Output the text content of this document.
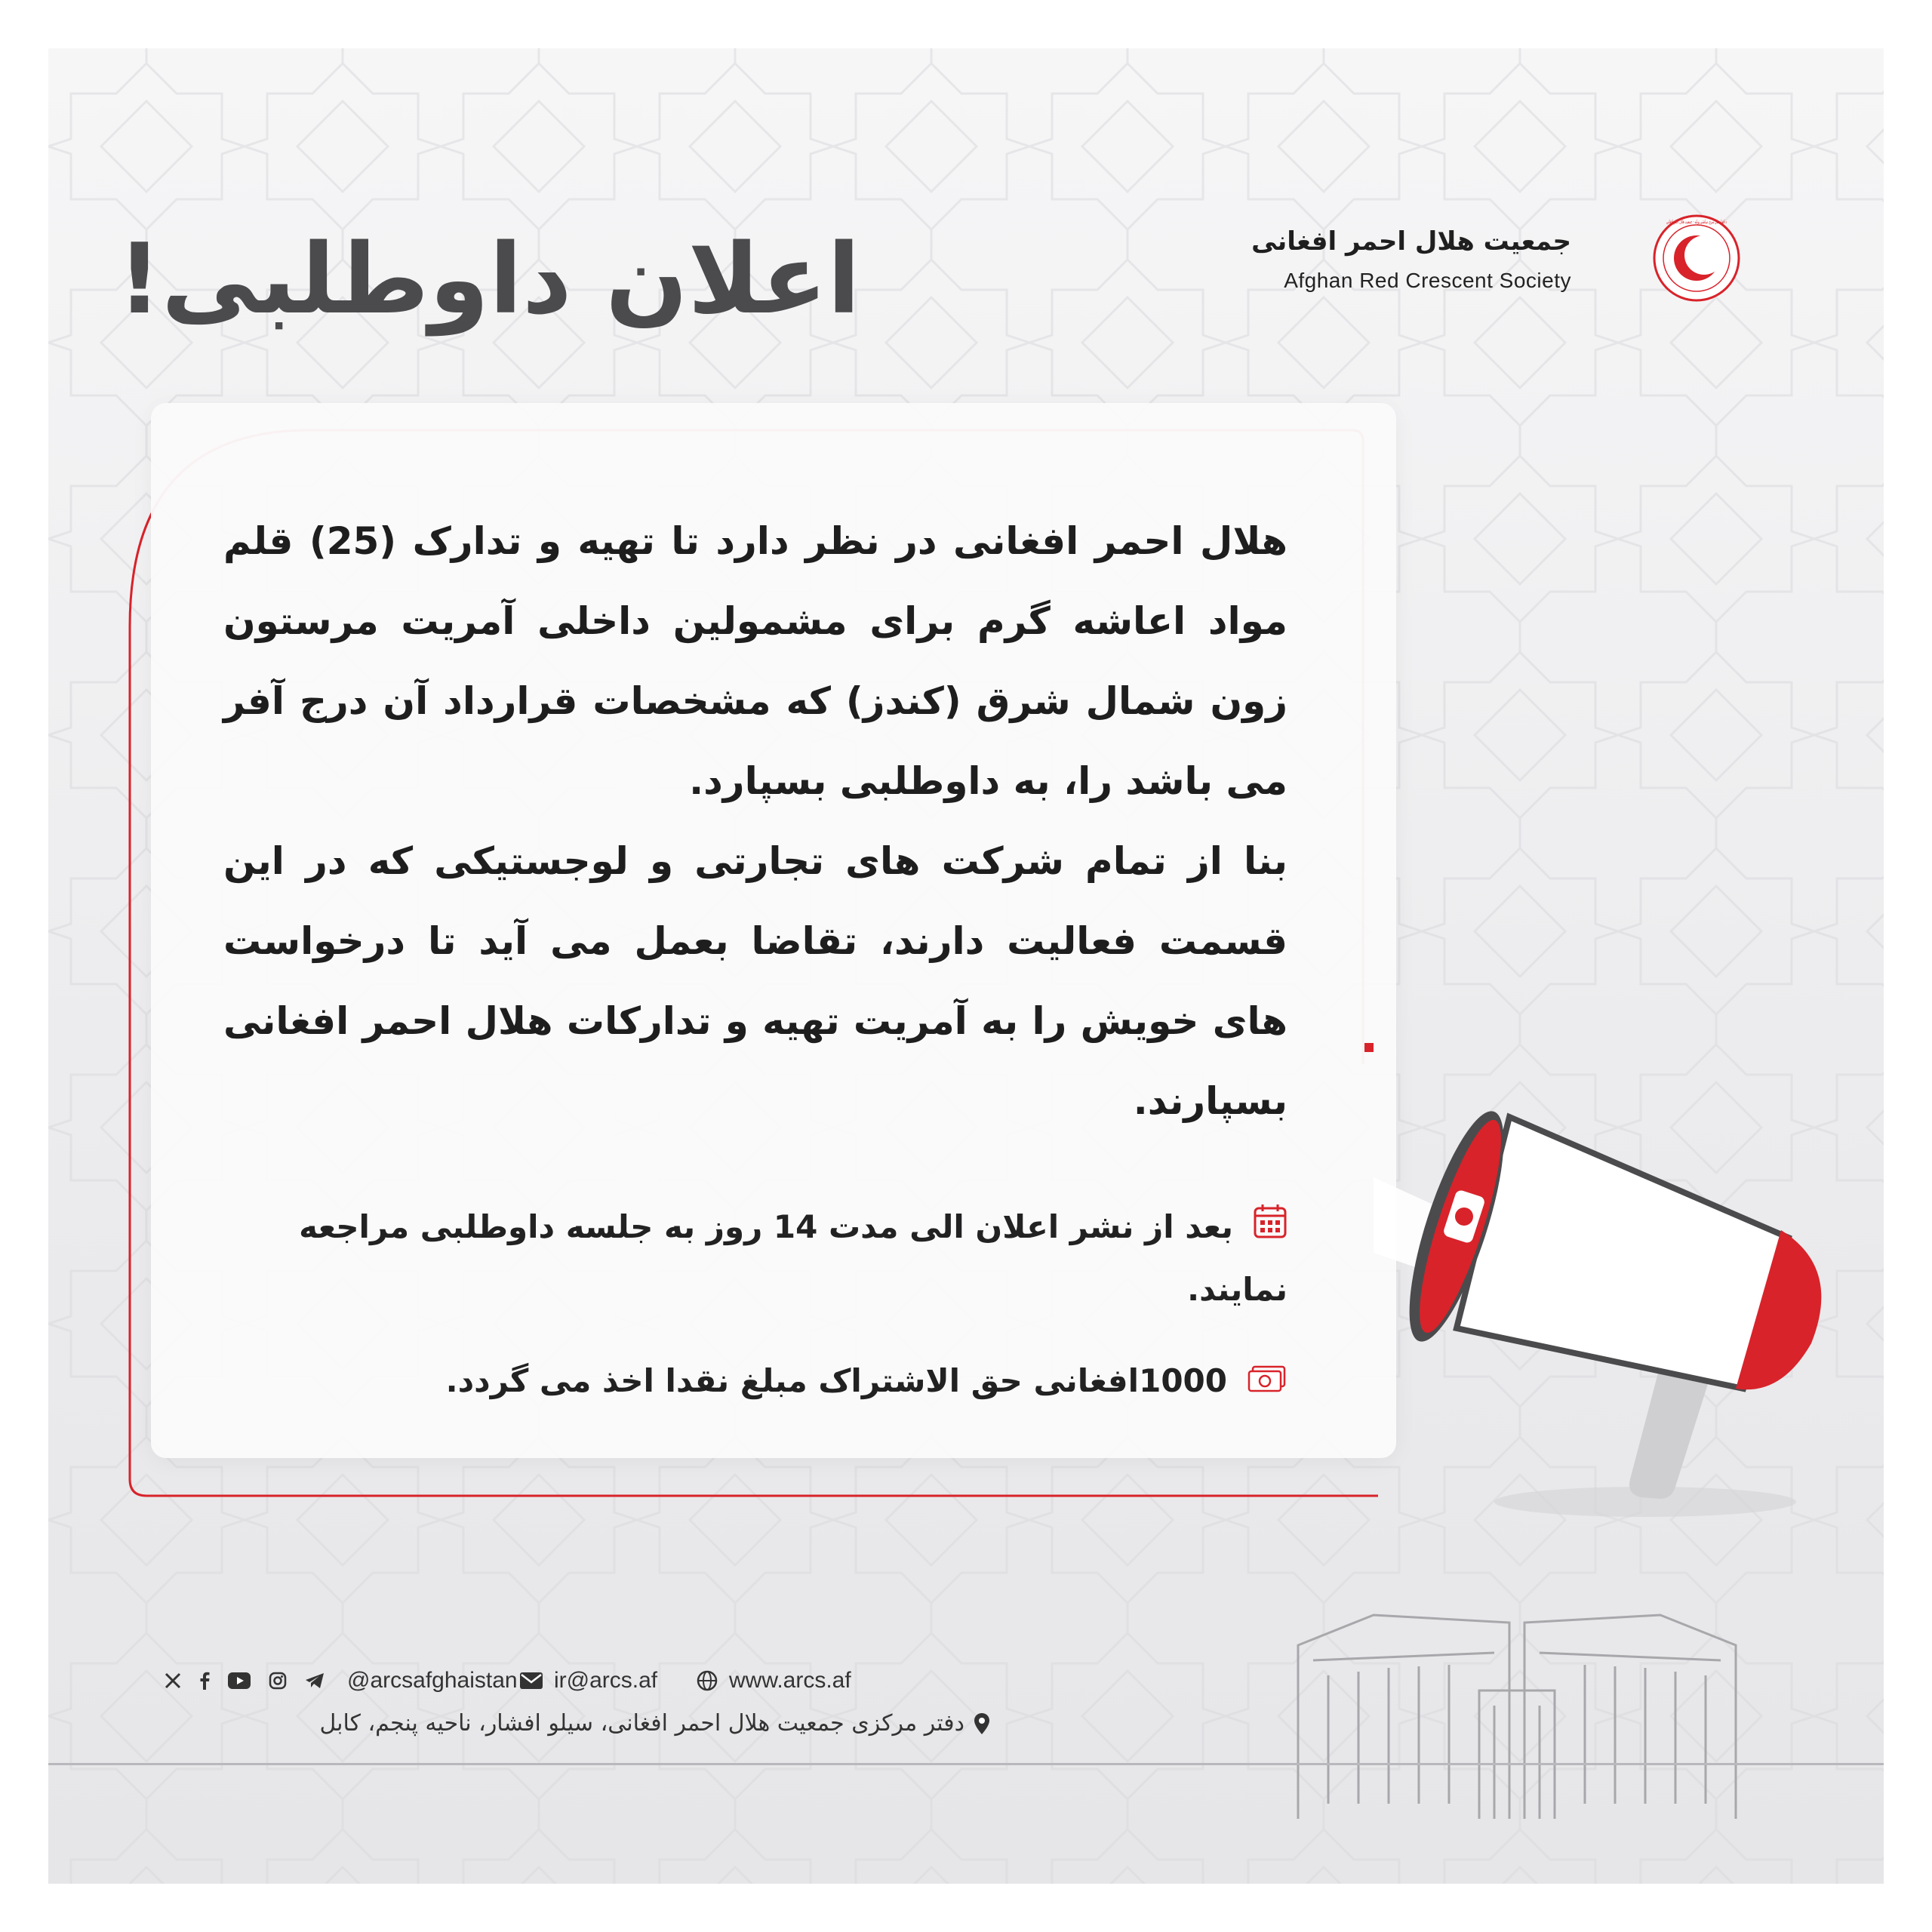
اعلان داوطلبی!	جمعیت هلال احمر افغانی
Afghan Red Crescent Society
د افغانستان سري میاشتې ټولنه - جمعیت هلال احمر افغانی

هلال احمر افغانی در نظر دارد تا تهیه و تدارک (25) قلم مواد اعاشه گرم برای مشمولین داخلی آمریت مرستون زون شمال شرق (کندز) که مشخصات قرارداد آن درج آفر می باشد را، به داوطلبی بسپارد.

بنا از تمام شرکت های تجارتی و لوجستیکی که در این قسمت فعالیت دارند، تقاضا بعمل می آید تا درخواست های خویش را به آمریت تهیه و تدارکات هلال احمر افغانی بسپارند.

بعد از نشر اعلان الی مدت 14 روز به جلسه داوطلبی مراجعه نمایند.
1000افغانی حق الاشتراک مبلغ نقدا اخذ می گردد.
www.arcs.af
ir@arcs.af
@arcsafghaistan
دفتر مرکزی جمعیت هلال احمر افغانی، سیلو افشار، ناحیه پنجم، کابل
